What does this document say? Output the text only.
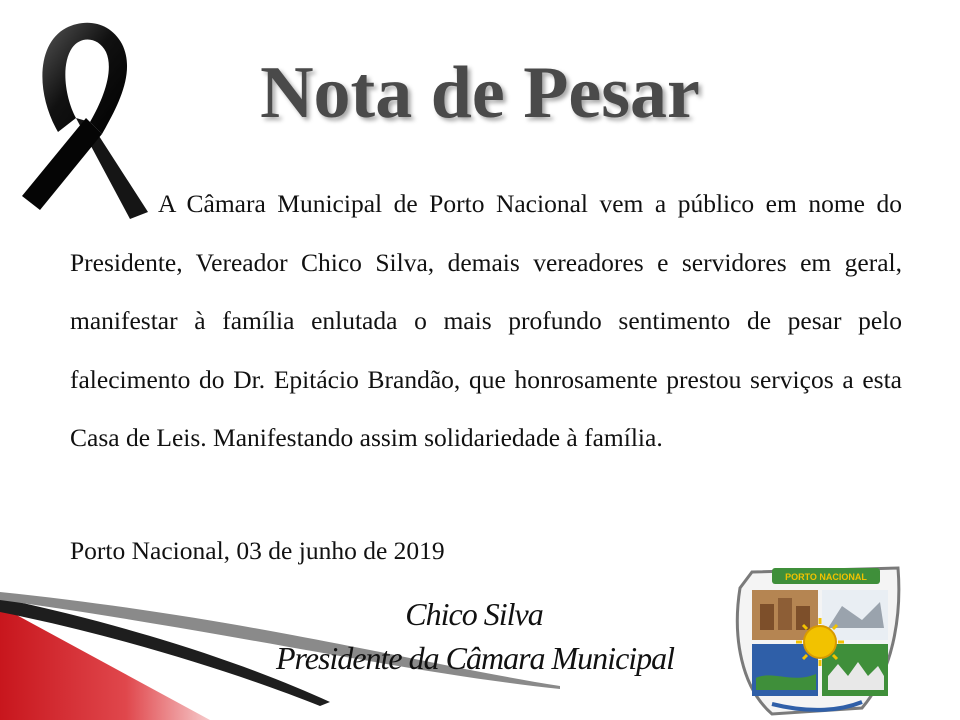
Nota de Pesar

A Câmara Municipal de Porto Nacional vem a público em nome do Presidente, Vereador Chico Silva, demais vereadores e servidores em geral, manifestar à família enlutada o mais profundo sentimento de pesar pelo falecimento do Dr. Epitácio Brandão, que honrosamente prestou serviços a esta Casa de Leis. Manifestando assim solidariedade à família.

Porto Nacional, 03 de junho de 2019

Chico Silva
Presidente da Câmara Municipal
PORTO NACIONAL
